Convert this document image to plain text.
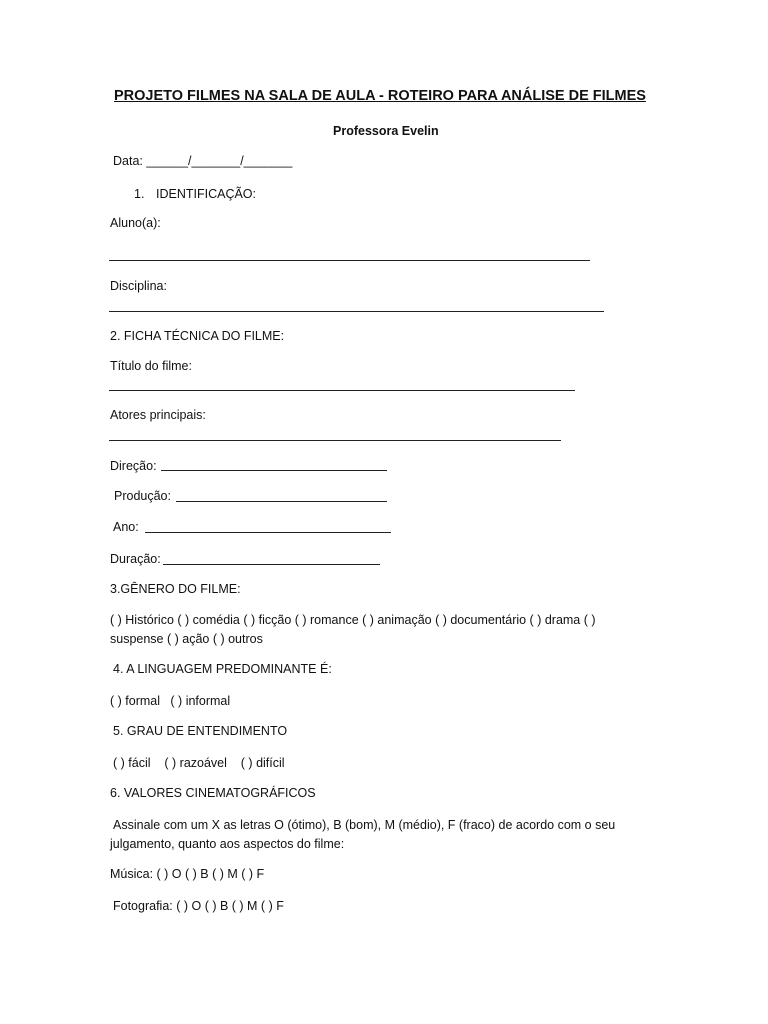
PROJETO FILMES NA SALA DE AULA - ROTEIRO PARA ANÁLISE DE FILMES
Professora Evelin
Data: ______/_______/_______
1. IDENTIFICAÇÃO:
Aluno(a):
Disciplina:
2. FICHA TÉCNICA DO FILME:
Título do filme:
Atores principais:
Direção:
Produção:
Ano:
Duração:
3.GÊNERO DO FILME:
( ) Histórico ( ) comédia ( ) ficção ( ) romance ( ) animação ( ) documentário ( ) drama ( )
suspense ( ) ação ( ) outros
4. A LINGUAGEM PREDOMINANTE É:
( ) formal   ( ) informal
5. GRAU DE ENTENDIMENTO
( ) fácil    ( ) razoável    ( ) difícil
6. VALORES CINEMATOGRÁFICOS
Assinale com um X as letras O (ótimo), B (bom), M (médio), F (fraco) de acordo com o seu
julgamento, quanto aos aspectos do filme:
Música: ( ) O ( ) B ( ) M ( ) F
Fotografia: ( ) O ( ) B ( ) M ( ) F
